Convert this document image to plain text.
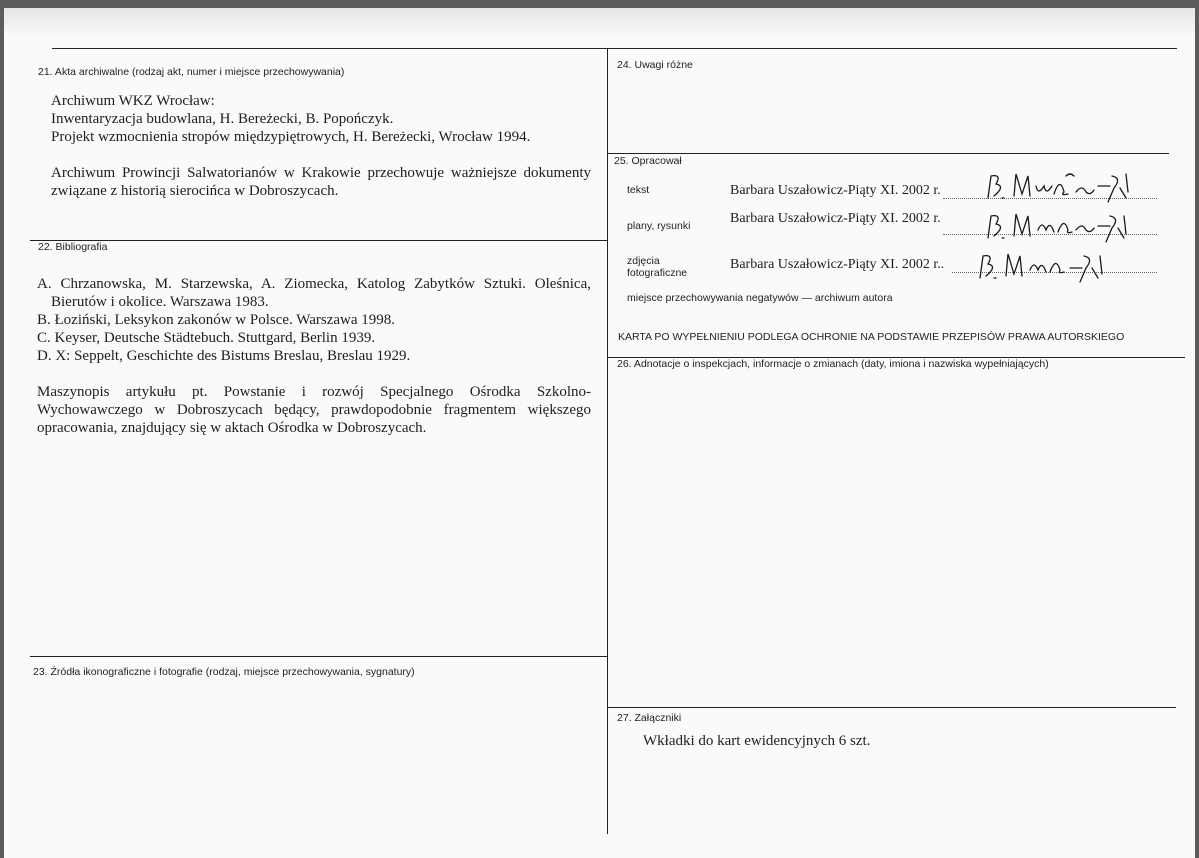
21. Akta archiwalne (rodzaj akt, numer i miejsce przechowywania)

Archiwum WKZ Wrocław:

Inwentaryzacja budowlana, H. Bereżecki, B. Popończyk.

Projekt wzmocnienia stropów międzypiętrowych, H. Bereżecki, Wrocław 1994.

Archiwum Prowincji Salwatorianów w Krakowie przechowuje ważniejsze dokumenty związane z historią sierocińca w Dobroszycach.

22. Bibliografia

A. Chrzanowska, M. Starzewska, A. Ziomecka, Katolog Zabytków Sztuki. Oleśnica, Bierutów i okolice. Warszawa 1983.

B. Łoziński, Leksykon zakonów w Polsce. Warszawa 1998.

C. Keyser, Deutsche Städtebuch. Stuttgard, Berlin 1939.

D. X: Seppelt, Geschichte des Bistums Breslau, Breslau 1929.

Maszynopis artykułu pt. Powstanie i rozwój Specjalnego Ośrodka Szkolno-Wychowawczego w Dobroszycach będący, prawdopodobnie fragmentem większego opracowania, znajdujący się w aktach Ośrodka w Dobroszycach.

23. Źródła ikonograficzne i fotografie (rodzaj, miejsce przechowywania, sygnatury)
24. Uwagi różne
25. Opracował
tekst	Barbara Uszałowicz-Piąty XI. 2002 r.
plany, rysunki	Barbara Uszałowicz-Piąty XI. 2002 r.
zdjęcia
fotograficzne
Barbara Uszałowicz-Piąty XI. 2002 r..
miejsce przechowywania negatywów — archiwum autora
KARTA PO WYPEŁNIENIU PODLEGA OCHRONIE NA PODSTAWIE PRZEPISÓW PRAWA AUTORSKIEGO
26. Adnotacje o inspekcjach, informacje o zmianach (daty, imiona i nazwiska wypełniających)
27. Załączniki
Wkładki do kart ewidencyjnych 6 szt.
